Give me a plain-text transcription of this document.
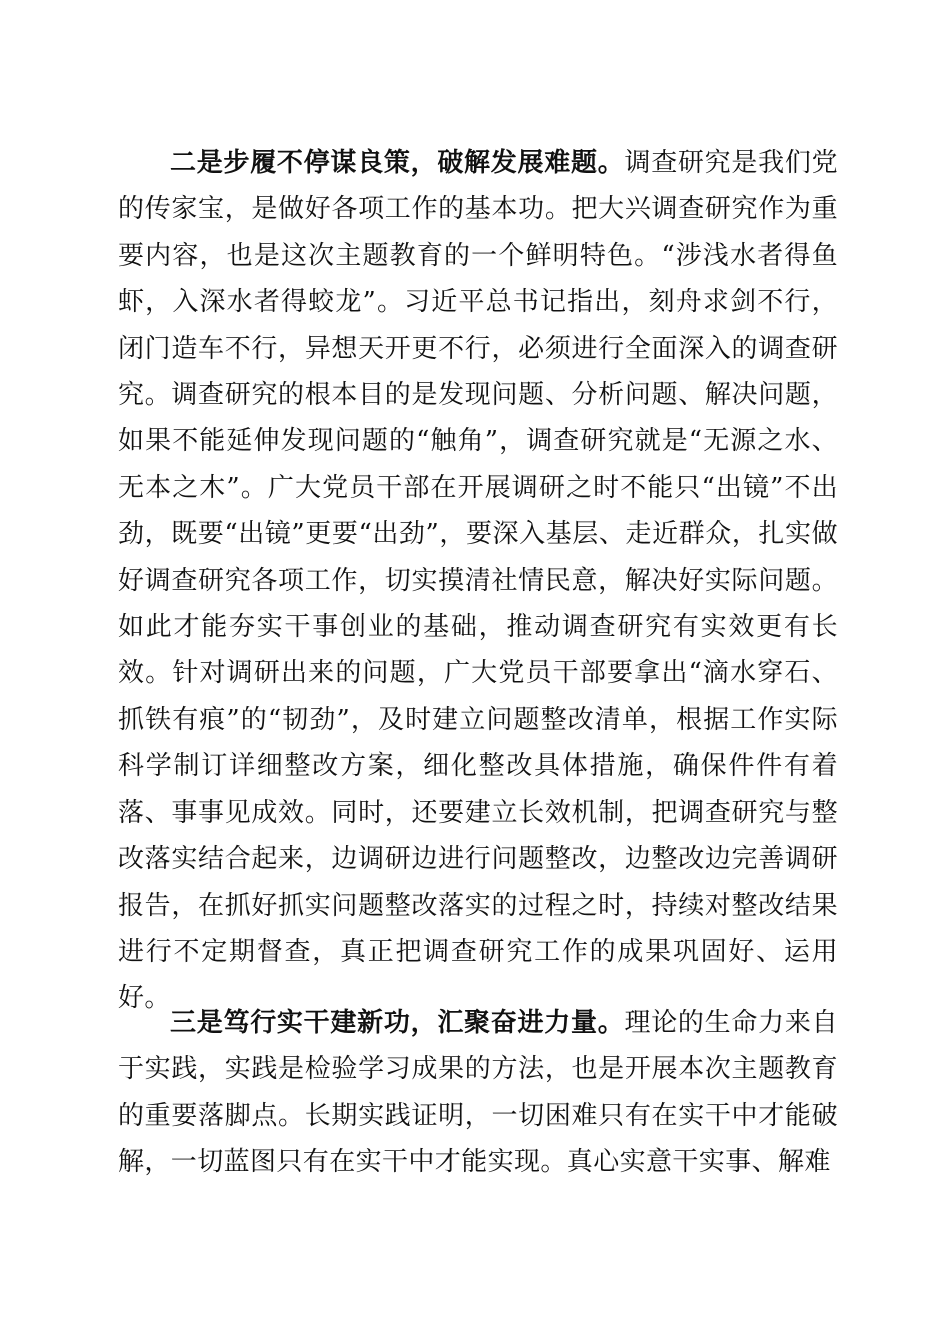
二是步履不停谋良策，破解发展难题。调查研究是我们党的传家宝，是做好各项工作的基本功。把大兴调查研究作为重要内容，也是这次主题教育的一个鲜明特色。“涉浅水者得鱼虾，入深水者得蛟龙”。习近平总书记指出，刻舟求剑不行，闭门造车不行，异想天开更不行，必须进行全面深入的调查研究。调查研究的根本目的是发现问题、分析问题、解决问题，如果不能延伸发现问题的“触角”，调查研究就是“无源之水、无本之木”。广大党员干部在开展调研之时不能只“出镜”不出劲，既要“出镜”更要“出劲”，要深入基层、走近群众，扎实做好调查研究各项工作，切实摸清社情民意，解决好实际问题。如此才能夯实干事创业的基础，推动调查研究有实效更有长效。针对调研出来的问题，广大党员干部要拿出“滴水穿石、抓铁有痕”的“韧劲”，及时建立问题整改清单，根据工作实际科学制订详细整改方案，细化整改具体措施，确保件件有着落、事事见成效。同时，还要建立长效机制，把调查研究与整改落实结合起来，边调研边进行问题整改，边整改边完善调研报告，在抓好抓实问题整改落实的过程之时，持续对整改结果进行不定期督查，真正把调查研究工作的成果巩固好、运用好。

三是笃行实干建新功，汇聚奋进力量。理论的生命力来自于实践，实践是检验学习成果的方法，也是开展本次主题教育的重要落脚点。长期实践证明，一切困难只有在实干中才能破解，一切蓝图只有在实干中才能实现。真心实意干实事、解难
